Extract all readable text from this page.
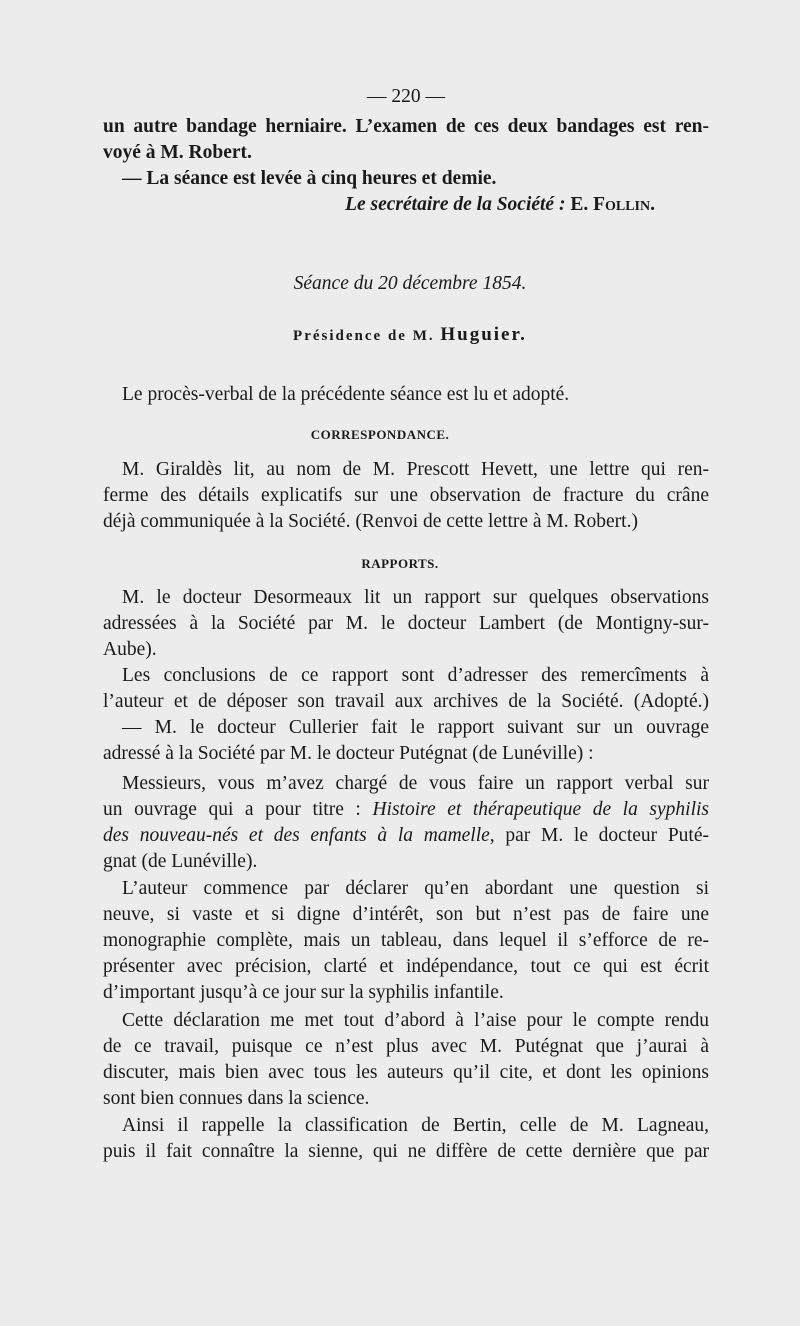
— 220 —
un autre bandage herniaire. L’examen de ces deux bandages est ren-
voyé à M. Robert.
— La séance est levée à cinq heures et demie.
Le secrétaire de la Société : E. Follin.
Séance du 20 décembre 1854.
Présidence de M. Huguier.
Le procès-verbal de la précédente séance est lu et adopté.
CORRESPONDANCE.
M. Giraldès lit, au nom de M. Prescott Hevett, une lettre qui ren-
ferme des détails explicatifs sur une observation de fracture du crâne
déjà communiquée à la Société. (Renvoi de cette lettre à M. Robert.)
RAPPORTS.
M. le docteur Desormeaux lit un rapport sur quelques observations
adressées à la Société par M. le docteur Lambert (de Montigny-sur-
Aube).
Les conclusions de ce rapport sont d’adresser des remercîments à
l’auteur et de déposer son travail aux archives de la Société. (Adopté.)
— M. le docteur Cullerier fait le rapport suivant sur un ouvrage
adressé à la Société par M. le docteur Putégnat (de Lunéville) :
Messieurs, vous m’avez chargé de vous faire un rapport verbal sur
un ouvrage qui a pour titre : Histoire et thérapeutique de la syphilis
des nouveau-nés et des enfants à la mamelle, par M. le docteur Puté-
gnat (de Lunéville).
L’auteur commence par déclarer qu’en abordant une question si
neuve, si vaste et si digne d’intérêt, son but n’est pas de faire une
monographie complète, mais un tableau, dans lequel il s’efforce de re-
présenter avec précision, clarté et indépendance, tout ce qui est écrit
d’important jusqu’à ce jour sur la syphilis infantile.
Cette déclaration me met tout d’abord à l’aise pour le compte rendu
de ce travail, puisque ce n’est plus avec M. Putégnat que j’aurai à
discuter, mais bien avec tous les auteurs qu’il cite, et dont les opinions
sont bien connues dans la science.
Ainsi il rappelle la classification de Bertin, celle de M. Lagneau,
puis il fait connaître la sienne, qui ne diffère de cette dernière que par
